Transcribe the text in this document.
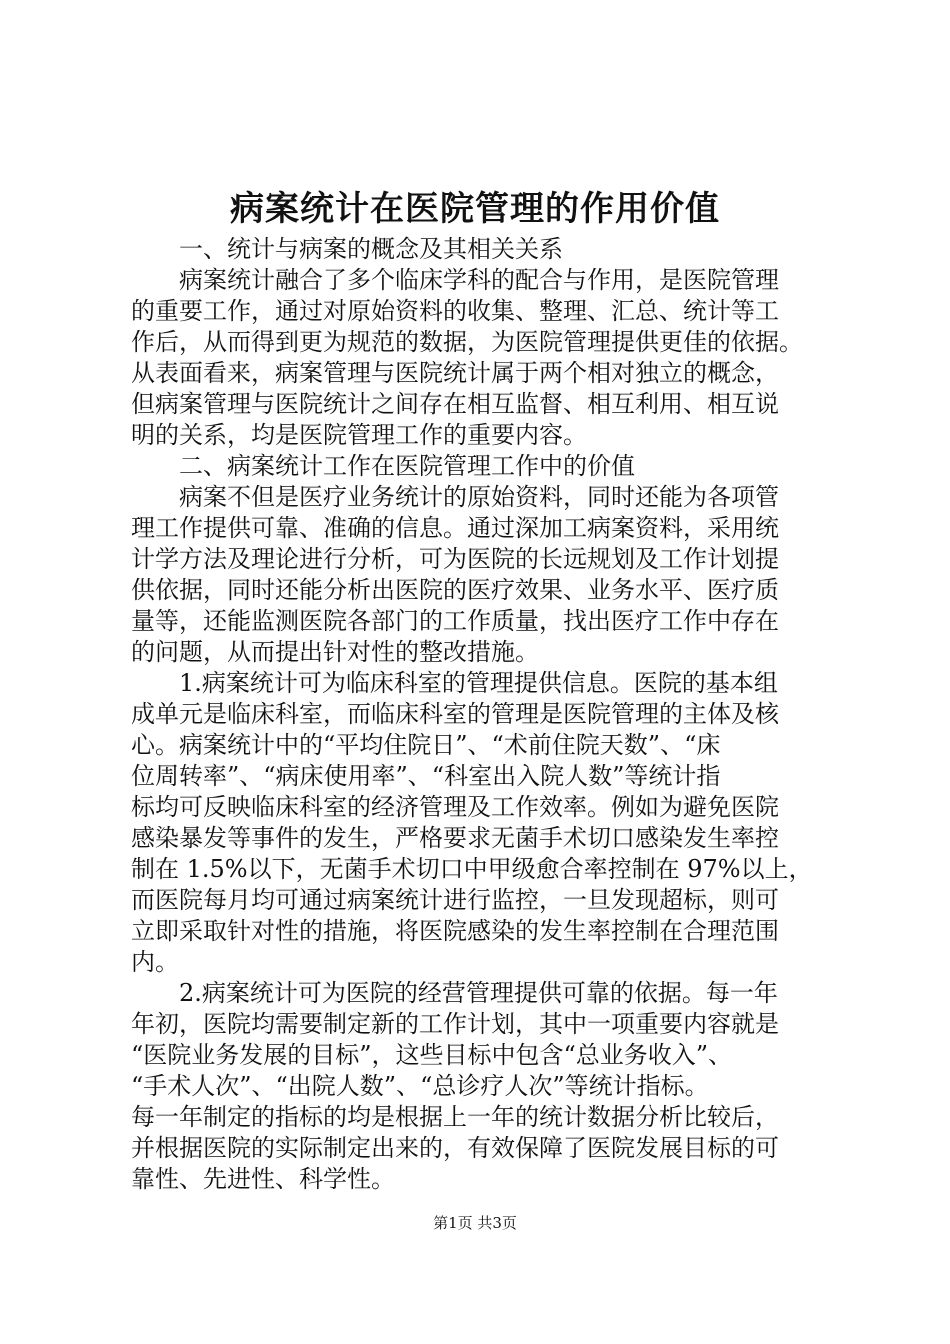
病案统计在医院管理的作用价值
一、统计与病案的概念及其相关关系
病案统计融合了多个临床学科的配合与作用，是医院管理
的重要工作，通过对原始资料的收集、整理、汇总、统计等工
作后，从而得到更为规范的数据，为医院管理提供更佳的依据。
从表面看来，病案管理与医院统计属于两个相对独立的概念，
但病案管理与医院统计之间存在相互监督、相互利用、相互说
明的关系，均是医院管理工作的重要内容。
二、病案统计工作在医院管理工作中的价值
病案不但是医疗业务统计的原始资料，同时还能为各项管
理工作提供可靠、准确的信息。通过深加工病案资料，采用统
计学方法及理论进行分析，可为医院的长远规划及工作计划提
供依据，同时还能分析出医院的医疗效果、业务水平、医疗质
量等，还能监测医院各部门的工作质量，找出医疗工作中存在
的问题，从而提出针对性的整改措施。
1.病案统计可为临床科室的管理提供信息。医院的基本组
成单元是临床科室，而临床科室的管理是医院管理的主体及核
心。病案统计中的“平均住院日”、“术前住院天数”、“床
位周转率”、“病床使用率”、“科室出入院人数”等统计指
标均可反映临床科室的经济管理及工作效率。例如为避免医院
感染暴发等事件的发生，严格要求无菌手术切口感染发生率控
制在 1.5%以下，无菌手术切口中甲级愈合率控制在 97%以上，
而医院每月均可通过病案统计进行监控，一旦发现超标，则可
立即采取针对性的措施，将医院感染的发生率控制在合理范围
内。
2.病案统计可为医院的经营管理提供可靠的依据。每一年
年初，医院均需要制定新的工作计划，其中一项重要内容就是
“医院业务发展的目标”，这些目标中包含“总业务收入”、
“手术人次”、“出院人数”、“总诊疗人次”等统计指标。
每一年制定的指标的均是根据上一年的统计数据分析比较后，
并根据医院的实际制定出来的，有效保障了医院发展目标的可
靠性、先进性、科学性。
第1页 共3页
